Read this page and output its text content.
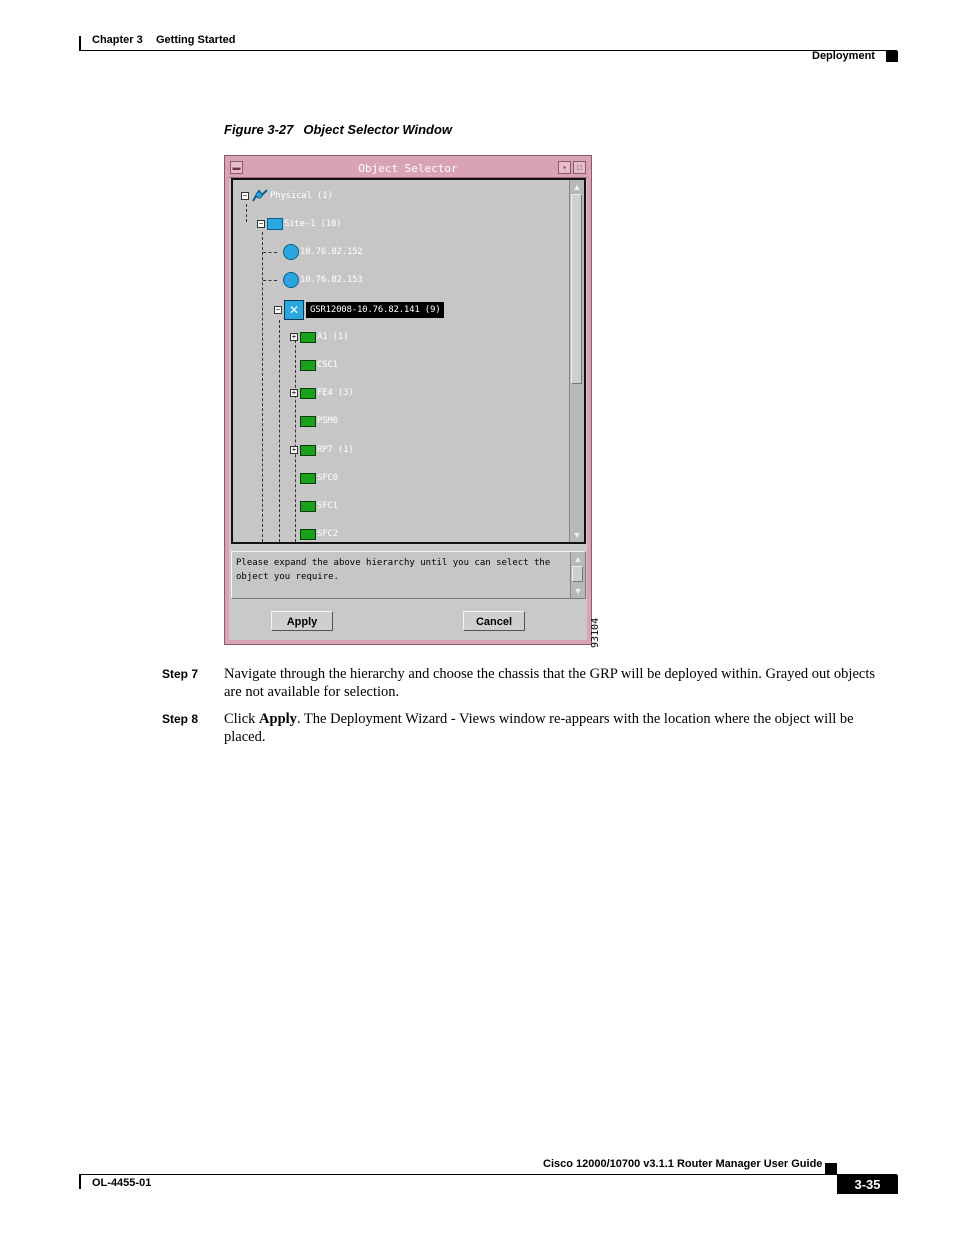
Chapter 3 Getting Started
Deployment
Figure 3-27 Object Selector Window
▬	Object Selector	▪	□
−	Physical (1)
− Site-1 (10)
10.76.82.152
10.76.82.153
− ✕	GSR12008-10.76.82.141 (9)
+ A1 (1)
CSC1
+ FE4 (3)
PSM0
+ RP7 (1)
SFC0
SFC1
SFC2
▲
▼
Please expand the above hierarchy until you can select the object you require.
▲
▼
Apply	Cancel	93104
Step 7 Navigate through the hierarchy and choose the chassis that the GRP will be deployed within. Grayed out objects are not available for selection.
Step 8 Click Apply. The Deployment Wizard - Views window re-appears with the location where the object will be placed.
Cisco 12000/10700 v3.1.1 Router Manager User Guide
OL-4455-01	3-35
